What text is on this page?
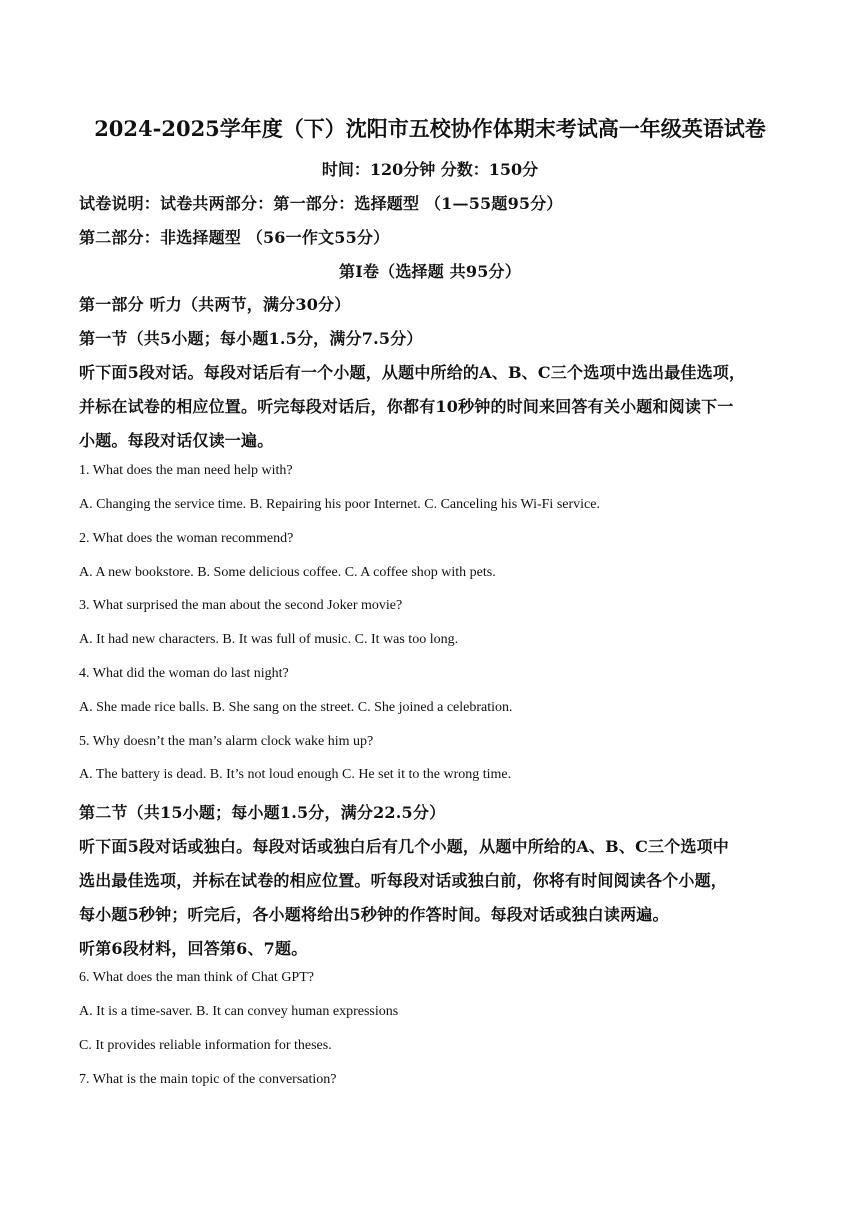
2024-2025学年度（下）沈阳市五校协作体期末考试高一年级英语试卷
时间：120分钟 分数：150分
试卷说明：试卷共两部分：第一部分：选择题型 （1—55题95分）
第二部分：非选择题型 （56一作文55分）
第I卷（选择题 共95分）
第一部分 听力（共两节，满分30分）
第一节（共5小题；每小题1.5分，满分7.5分）
听下面5段对话。每段对话后有一个小题，从题中所给的A、B、C三个选项中选出最佳选项，
并标在试卷的相应位置。听完每段对话后，你都有10秒钟的时间来回答有关小题和阅读下一
小题。每段对话仅读一遍。
1. What does the man need help with?
A. Changing the service time. B. Repairing his poor Internet. C. Canceling his Wi-Fi service.
2. What does the woman recommend?
A. A new bookstore. B. Some delicious coffee. C. A coffee shop with pets.
3. What surprised the man about the second Joker movie?
A. It had new characters. B. It was full of music. C. It was too long.
4. What did the woman do last night?
A. She made rice balls. B. She sang on the street. C. She joined a celebration.
5. Why doesn’t the man’s alarm clock wake him up?
A. The battery is dead. B. It’s not loud enough C. He set it to the wrong time.
第二节（共15小题；每小题1.5分，满分22.5分）
听下面5段对话或独白。每段对话或独白后有几个小题，从题中所给的A、B、C三个选项中
选出最佳选项，并标在试卷的相应位置。听每段对话或独白前，你将有时间阅读各个小题，
每小题5秒钟；听完后，各小题将给出5秒钟的作答时间。每段对话或独白读两遍。
听第6段材料，回答第6、7题。
6. What does the man think of Chat GPT?
A. It is a time-saver. B. It can convey human expressions
C. It provides reliable information for theses.
7. What is the main topic of the conversation?
